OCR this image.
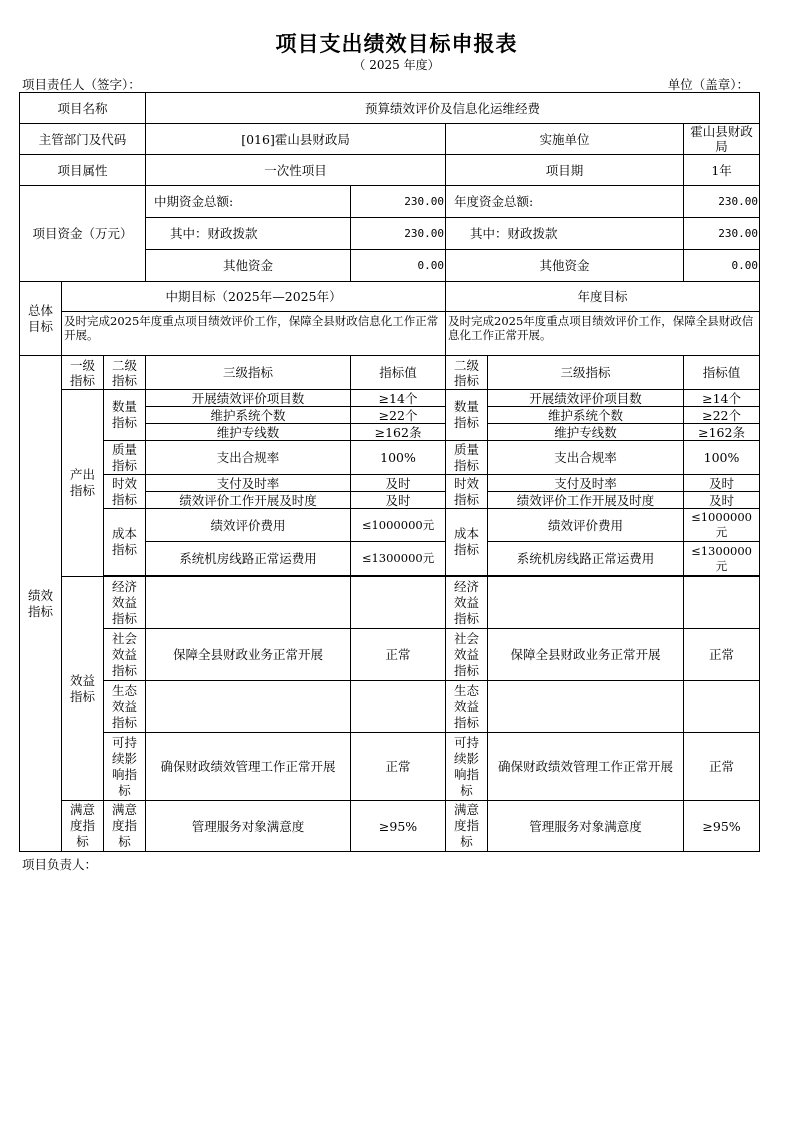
项目支出绩效目标申报表
（ 2025 年度）
项目责任人（签字）：	单位（盖章）：
项目名称			预算绩效评价及信息化运维经费				
主管部门及代码			[016]霍山县财政局		实施单位		霍山县财政局
项目属性			一次性项目		项目期		1年
项目资金（万元）			中期资金总额:	230.00	年度资金总额:		230.00
			其中：财政拨款	230.00	其中：财政拨款		230.00
			其他资金	0.00	其他资金		0.00
总体目标	中期目标（2025年—2025年）				年度目标		
	及时完成2025年度重点项目绩效评价工作，保障全县财政信息化工作正常开展。				及时完成2025年度重点项目绩效评价工作，保障全县财政信息化工作正常开展。		
绩效指标	一级指标	二级指标	三级指标	指标值	二级指标	三级指标	指标值
	产出指标	数量指标	开展绩效评价项目数	≥14个	数量指标	开展绩效评价项目数	≥14个
			维护系统个数	≥22个		维护系统个数	≥22个
			维护专线数	≥162条		维护专线数	≥162条
		质量指标	支出合规率	100%	质量指标	支出合规率	100%
		时效指标	支付及时率	及时	时效指标	支付及时率	及时
			绩效评价工作开展及时度	及时		绩效评价工作开展及时度	及时
		成本指标	绩效评价费用	≤1000000元	成本指标	绩效评价费用	≤1000000元
			系统机房线路正常运费用	≤1300000元		系统机房线路正常运费用	≤1300000元

	效益指标	经济效益指标			经济效益指标		
		社会效益指标	保障全县财政业务正常开展	正常	社会效益指标	保障全县财政业务正常开展	正常
		生态效益指标			生态效益指标		
		可持续影响指标	确保财政绩效管理工作正常开展	正常	可持续影响指标	确保财政绩效管理工作正常开展	正常
	满意度指标	满意度指标	管理服务对象满意度	≥95%	满意度指标	管理服务对象满意度	≥95%
项目负责人：
